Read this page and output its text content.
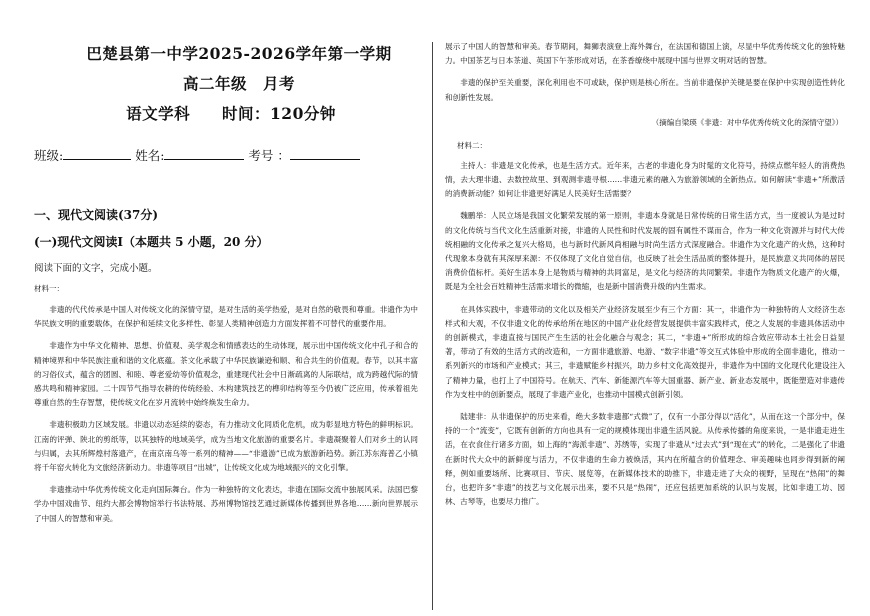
巴楚县第一中学2025-2026学年第一学期
高二年级　月考
语文学科　 时间：120分钟
班级:	姓名:	考号 ：
一、现代文阅读(37分)
(一)现代文阅读Ⅰ（本题共 5 小题，20 分）
阅读下面的文字，完成小题。
材料一：

非遗的代代传承是中国人对传统文化的深情守望，是对生活的美学热爱，是对自然的敬畏和尊重。非遗作为中华民族文明的重要载体，在保护和延续文化多样性、彰显人类精神创造力方面发挥着不可替代的重要作用。

非遗作为中华文化精神、思想、价值观、美学观念和情感表达的生动体现，展示出中国传统文化中孔子和合的精神境界和中华民族注重和谐的文化底蕴。茶文化承载了中华民族谦逊和顺、和合共生的价值观。春节，以其丰富的习俗仪式，蕴含的团圆、和睦、尊老爱幼等价值观念，重建现代社会中日渐疏离的人际联结，成为跨越代际的情感共鸣和精神家园。二十四节气指导农耕的传统经验、木构建筑技艺的榫卯结构等至今仍被广泛应用，传承着祖先尊重自然的生存智慧，使传统文化在岁月流转中始终焕发生命力。

非遗积极助力区域发展。非遗以动态延续的姿态，有力推动文化同质化危机，成为彰显地方特色的鲜明标识。江南的评弹、陕北的剪纸等，以其独特的地域美学，成为当地文化旅游的重要名片。非遗凝聚着人们对乡土的认同与归属，去其所辉煌村落遗产，在南京南乌等一系列的精神——“非遗游”已成为旅游新趋势。新江苏东海普乙小镇将千年窑火转化为文旅经济新动力。非遗等项目“出城”，让传统文化成为地域振兴的文化引擎。

非遗推动中华优秀传统文化走向国际舞台。作为一种独特的文化表达，非遗在国际交流中独展风采。法国巴黎学办中国戏曲节、纽约大都会博物馆举行书法特展、苏州博物馆技艺通过新媒体传播到世界各地……新向世界展示了中国人的智慧和审美。

展示了中国人的智慧和审美。春节期间，舞狮表演登上海外舞台，在法国和德国上演，尽显中华优秀传统文化的独特魅力。中国茶艺与日本茶道、英国下午茶形成对话，在茶香缭绕中展现中国与世界文明对话的智慧。

非遗的保护至关重要，深化利用也不可或缺，保护则是核心所在。当前非遗保护关键是要在保护中实现创造性转化和创新性发展。

（摘编自梁瑛《非遗：对中华优秀传统文化的深情守望》）
材料二：

主持人：非遗是文化传承，也是生活方式。近年来，古老的非遗化身为时髦的文化符号，持续点燃年轻人的消费热情，去大理非遗、去数控故里、到观测非遗寻根……非遗元素的融入为旅游领域的全新热点。如何解读“非遗+”所激活的消费新动能？如何让非遗更好满足人民美好生活需要？

魏鹏举：人民立场是我国文化繁荣发展的第一原则，非遗本身就是日常传统的日常生活方式，当一度被认为是过时的文化传统与当代文化生活重新对接，非遗的人民性和时代发展的固有属性不谋而合，作为一种文化资源并与时代大传统相融的文化传承之复兴大格局，也与新时代新风尚相融与时尚生活方式深度融合。非遗作为文化遗产的火热，这种时代现象本身就有其深厚来源：不仅体现了文化自觉自信，也反映了社会生活品质的整体提升，是民族意义共同体的居民消费价值标杆。美好生活本身上是物质与精神的共同富足，是文化与经济的共同繁荣。非遗作为物质文化遗产的火爆，既是为全社会百姓精神生活需求增长的微缩，也是新中国消费升级的内生需求。

在具体实践中，非遗带动的文化以及相关产业经济发展至少有三个方面：其一，非遗作为一种独特的人文经济生态样式和大观，不仅非遗文化的传承给所在地区的中国产业化经营发展提供丰富实践样式，使之人发展的非遗具体活动中的创新模式，非遗直接与国民产生生活的社会化融合与观念；其二，“非遗+”所形成的综合效应带动本土社会日益显著，带动了有效的生活方式的改造和，一方面非遗旅游、电游、“数字非遗”等交互式体验中形成的全面非遗化，推动一系列新兴的市场和产业模式；其三，非遗赋能乡村振兴，助力乡村文化高效提升，非遗作为中国的文化现代化建设注入了精神力量，也打上了中国符号。在航天、汽车、新能源汽车等大国重器、新产业、新业态发展中，既能塑造对非遗传作为支柱中的创新要点，展现了非遗产业化，也推动中国模式创新引领。

陆建非：从非遗保护的历史来看，绝大多数非遗都“式微”了，仅有一小部分得以“活化”，从而在这一个部分中，保持的一个“流变”，它既有创新的方向也具有一定的规模体现出非遗生活风貌。从传承传播的角度来说，一是非遗走进生活，在衣食住行诸多方面，如上海的“海派非遗”、苏绣等，实现了非遗从“过去式”到“现在式”的转化，二是强化了非遗在新时代大众中的新鲜度与活力，不仅非遗的生命力被焕活，其内在所蕴含的价值理念、审美趣味也同步得到新的阐释，例如重要场所、比赛项目、节庆、展览等，在新媒体技术的助推下，非遗走进了大众的视野，呈现在“热闹”的舞台，也把许多“非遗”的技艺与文化展示出来，要不只是“热闹”，还应包括更加系统的认识与发展，比如非遗工坊、园林、古琴等，也要尽力推广。
